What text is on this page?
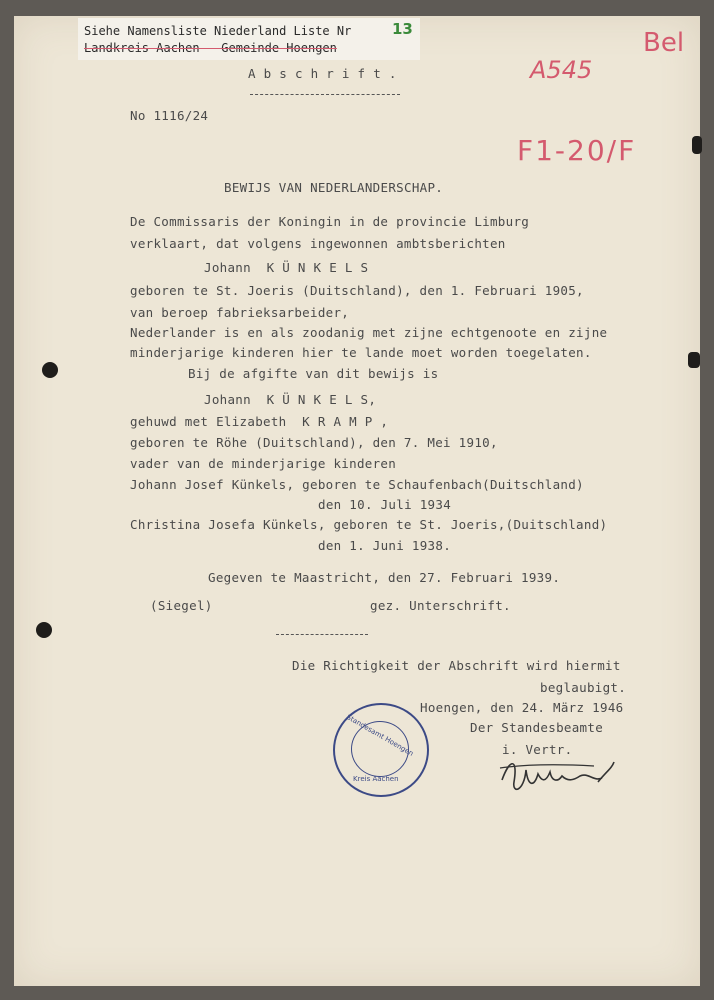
Siehe Namensliste Niederland Liste Nr
Landkreis Aachen - Gemeinde Hoengen
13	Bel
A545
F1-20/F
A b s c h r i f t .
No 1116/24
BEWIJS VAN NEDERLANDERSCHAP.
De Commissaris der Koningin in de provincie Limburg
verklaart, dat volgens ingewonnen ambtsberichten
Johann  K Ü N K E L S
geboren te St. Joeris (Duitschland), den 1. Februari 1905,
van beroep fabrieksarbeider,
Nederlander is en als zoodanig met zijne echtgenoote en zijne
minderjarige kinderen hier te lande moet worden toegelaten.
Bij de afgifte van dit bewijs is
Johann  K Ü N K E L S,
gehuwd met Elizabeth  K R A M P ,
geboren te Röhe (Duitschland), den 7. Mei 1910,
vader van de minderjarige kinderen
Johann Josef Künkels, geboren te Schaufenbach(Duitschland)
den 10. Juli 1934
Christina Josefa Künkels, geboren te St. Joeris,(Duitschland)
den 1. Juni 1938.
Gegeven te Maastricht, den 27. Februari 1939.
(Siegel)	gez. Unterschrift.
Die Richtigkeit der Abschrift wird hiermit
beglaubigt.
Hoengen, den 24. März 1946
Der Standesbeamte
i. Vertr.
Standesamt Hoengen
Kreis Aachen
